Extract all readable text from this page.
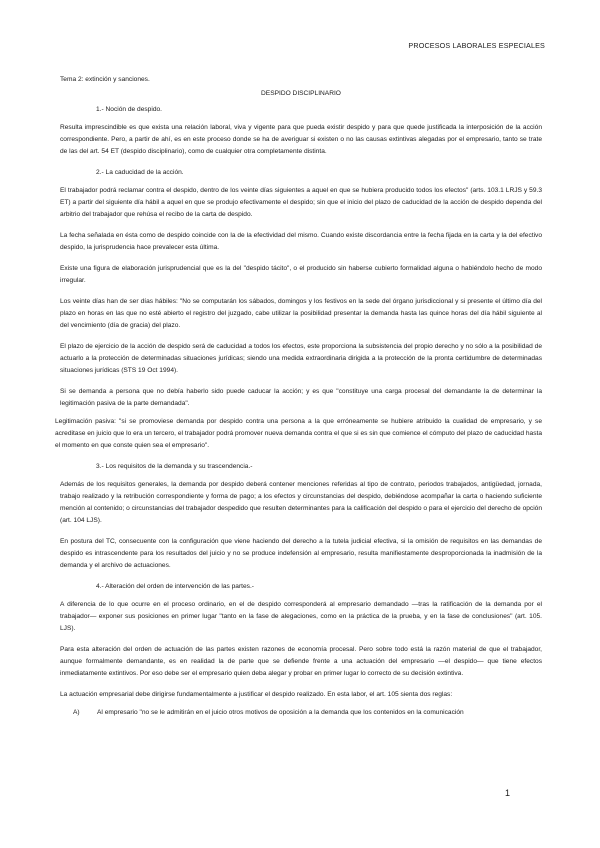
PROCESOS LABORALES ESPECIALES

Tema 2: extinción y sanciones.

DESPIDO DISCIPLINARIO

1.- Noción de despido.

Resulta imprescindible es que exista una relación laboral, viva y vigente para que pueda existir despido y para que quede justificada la interposición de la acción correspondiente. Pero, a partir de ahí, es en este proceso donde se ha de averiguar si existen o no las causas extintivas alegadas por el empresario, tanto se trate de las del art. 54 ET (despido disciplinario), como de cualquier otra completamente distinta.

2.- La caducidad de la acción.

El trabajador podrá reclamar contra el despido, dentro de los veinte días siguientes a aquel en que se hubiera producido todos los efectos" (arts. 103.1 LRJS y 59.3 ET) a partir del siguiente día hábil a aquel en que se produjo efectivamente el despido; sin que el inicio del plazo de caducidad de la acción de despido dependa del arbitrio del trabajador que rehúsa el recibo de la carta de despido.

La fecha señalada en ésta como de despido coincide con la de la efectividad del mismo. Cuando existe discordancia entre la fecha fijada en la carta y la del efectivo despido, la jurisprudencia hace prevalecer esta última.

Existe una figura de elaboración jurisprudencial que es la del "despido tácito", o el producido sin haberse cubierto formalidad alguna o habiéndolo hecho de modo irregular.

Los veinte días han de ser días hábiles: "No se computarán los sábados, domingos y los festivos en la sede del órgano jurisdiccional y si presente el último día del plazo en horas en las que no esté abierto el registro del juzgado, cabe utilizar la posibilidad presentar la demanda hasta las quince horas del día hábil siguiente al del vencimiento (día de gracia) del plazo.

El plazo de ejercicio de la acción de despido será de caducidad a todos los efectos, este proporciona la subsistencia del propio derecho y no sólo a la posibilidad de actuarlo a la protección de determinadas situaciones jurídicas; siendo una medida extraordinaria dirigida a la protección de la pronta certidumbre de determinadas situaciones jurídicas (STS 19 Oct 1994).

Si se demanda a persona que no debía haberlo sido puede caducar la acción; y es que "constituye una carga procesal del demandante la de determinar la legitimación pasiva de la parte demandada".

Legitimación pasiva: "si se promoviese demanda por despido contra una persona a la que erróneamente se hubiere atribuido la cualidad de empresario, y se acreditase en juicio que lo era un tercero, el trabajador podrá promover nueva demanda contra el que si es sin que comience el cómputo del plazo de caducidad hasta el momento en que conste quien sea el empresario".

3.- Los requisitos de la demanda y su trascendencia.-

Además de los requisitos generales, la demanda por despido deberá contener menciones referidas al tipo de contrato, periodos trabajados, antigüedad, jornada, trabajo realizado y la retribución correspondiente y forma de pago; a los efectos y circunstancias del despido, debiéndose acompañar la carta o haciendo suficiente mención al contenido; o circunstancias del trabajador despedido que resulten determinantes para la calificación del despido o para el ejercicio del derecho de opción (art. 104 LJS).

En postura del TC, consecuente con la configuración que viene haciendo del derecho a la tutela judicial efectiva, si la omisión de requisitos en las demandas de despido es intrascendente para los resultados del juicio y no se produce indefensión al empresario, resulta manifiestamente desproporcionada la inadmisión de la demanda y el archivo de actuaciones.

4.- Alteración del orden de intervención de las partes.-

A diferencia de lo que ocurre en el proceso ordinario, en el de despido corresponderá al empresario demandado —tras la ratificación de la demanda por el trabajador— exponer sus posiciones en primer lugar "tanto en la fase de alegaciones, como en la práctica de la prueba, y en la fase de conclusiones" (art. 105. LJS).

Para esta alteración del orden de actuación de las partes existen razones de economía procesal. Pero sobre todo está la razón material de que el trabajador, aunque formalmente demandante, es en realidad la de parte que se defiende frente a una actuación del empresario —el despido— que tiene efectos inmediatamente extintivos. Por eso debe ser el empresario quien deba alegar y probar en primer lugar lo correcto de su decisión extintiva.

La actuación empresarial debe dirigirse fundamentalmente a justificar el despido realizado. En esta labor, el art. 105 sienta dos reglas:

A)	Al empresario "no se le admitirán en el juicio otros motivos de oposición a la demanda que los contenidos en la comunicación
1
